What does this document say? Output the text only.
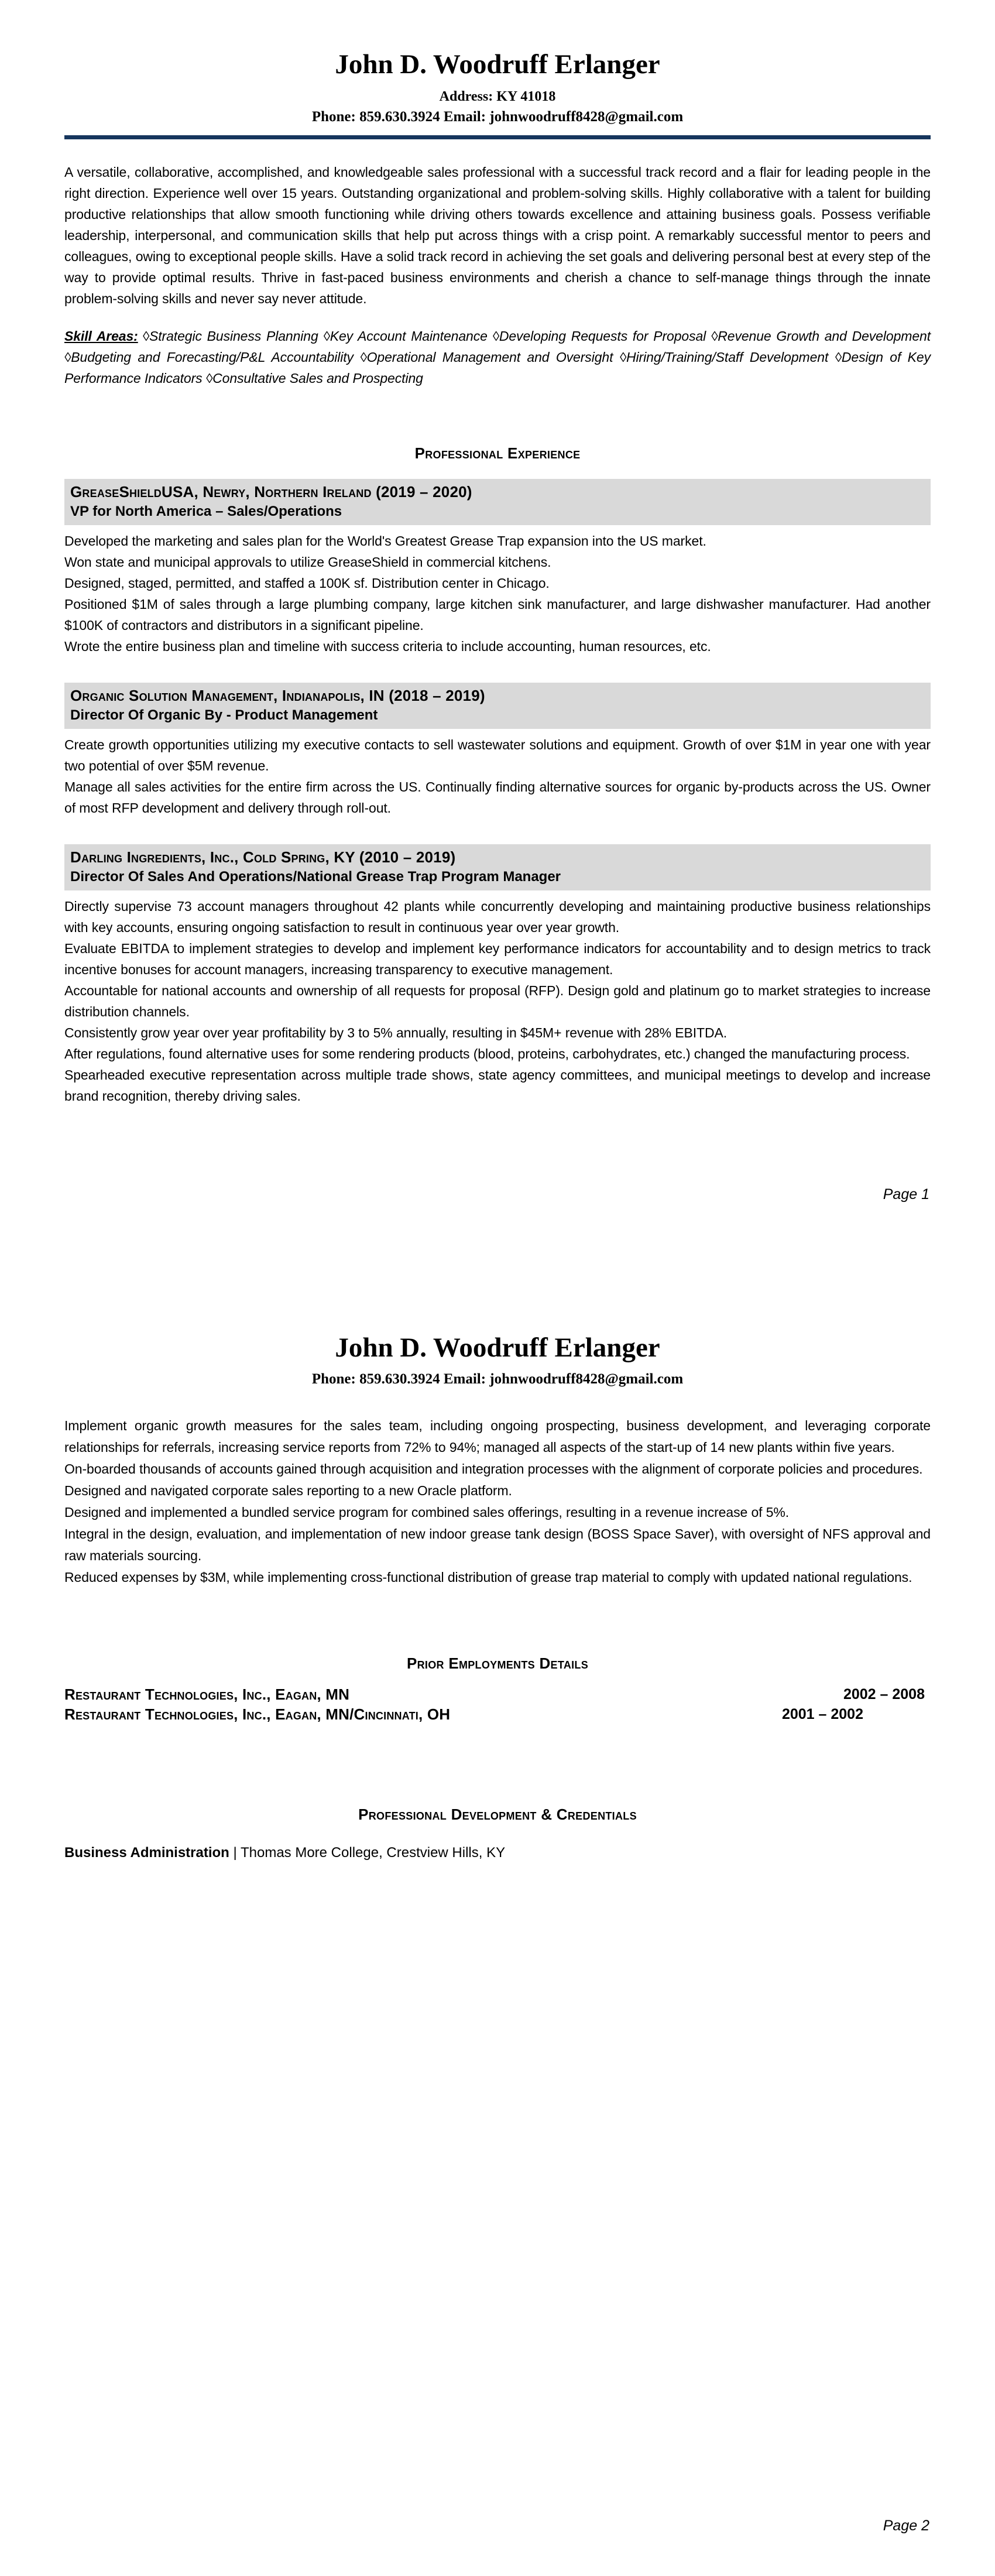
John D. Woodruff Erlanger
Address: KY 41018
Phone: 859.630.3924 Email: johnwoodruff8428@gmail.com

A versatile, collaborative, accomplished, and knowledgeable sales professional with a successful track record and a flair for leading people in the right direction. Experience well over 15 years. Outstanding organizational and problem-solving skills. Highly collaborative with a talent for building productive relationships that allow smooth functioning while driving others towards excellence and attaining business goals. Possess verifiable leadership, interpersonal, and communication skills that help put across things with a crisp point. A remarkably successful mentor to peers and colleagues, owing to exceptional people skills. Have a solid track record in achieving the set goals and delivering personal best at every step of the way to provide optimal results. Thrive in fast-paced business environments and cherish a chance to self-manage things through the innate problem-solving skills and never say never attitude.

Skill Areas: ◊Strategic Business Planning ◊Key Account Maintenance ◊Developing Requests for Proposal ◊Revenue Growth and Development ◊Budgeting and Forecasting/P&L Accountability ◊Operational Management and Oversight ◊Hiring/Training/Staff Development ◊Design of Key Performance Indicators ◊Consultative Sales and Prospecting

Professional Experience
GreaseShieldUSA, Newry, Northern Ireland (2019 – 2020)
VP for North America – Sales/Operations

Developed the marketing and sales plan for the World's Greatest Grease Trap expansion into the US market.

Won state and municipal approvals to utilize GreaseShield in commercial kitchens.

Designed, staged, permitted, and staffed a 100K sf. Distribution center in Chicago.

Positioned $1M of sales through a large plumbing company, large kitchen sink manufacturer, and large dishwasher manufacturer. Had another $100K of contractors and distributors in a significant pipeline.

Wrote the entire business plan and timeline with success criteria to include accounting, human resources, etc.

Organic Solution Management, Indianapolis, IN (2018 – 2019)
Director Of Organic By - Product Management

Create growth opportunities utilizing my executive contacts to sell wastewater solutions and equipment. Growth of over $1M in year one with year two potential of over $5M revenue.

Manage all sales activities for the entire firm across the US. Continually finding alternative sources for organic by-products across the US. Owner of most RFP development and delivery through roll-out.

Darling Ingredients, Inc., Cold Spring, KY (2010 – 2019)
Director Of Sales And Operations/National Grease Trap Program Manager

Directly supervise 73 account managers throughout 42 plants while concurrently developing and maintaining productive business relationships with key accounts, ensuring ongoing satisfaction to result in continuous year over year growth.

Evaluate EBITDA to implement strategies to develop and implement key performance indicators for accountability and to design metrics to track incentive bonuses for account managers, increasing transparency to executive management.

Accountable for national accounts and ownership of all requests for proposal (RFP). Design gold and platinum go to market strategies to increase distribution channels.

Consistently grow year over year profitability by 3 to 5% annually, resulting in $45M+ revenue with 28% EBITDA.

After regulations, found alternative uses for some rendering products (blood, proteins, carbohydrates, etc.) changed the manufacturing process.

Spearheaded executive representation across multiple trade shows, state agency committees, and municipal meetings to develop and increase brand recognition, thereby driving sales.

Page 1
John D. Woodruff Erlanger
Phone: 859.630.3924 Email: johnwoodruff8428@gmail.com

Implement organic growth measures for the sales team, including ongoing prospecting, business development, and leveraging corporate relationships for referrals, increasing service reports from 72% to 94%; managed all aspects of the start-up of 14 new plants within five years.

On-boarded thousands of accounts gained through acquisition and integration processes with the alignment of corporate policies and procedures.

Designed and navigated corporate sales reporting to a new Oracle platform.

Designed and implemented a bundled service program for combined sales offerings, resulting in a revenue increase of 5%.

Integral in the design, evaluation, and implementation of new indoor grease tank design (BOSS Space Saver), with oversight of NFS approval and raw materials sourcing.

Reduced expenses by $3M, while implementing cross-functional distribution of grease trap material to comply with updated national regulations.

Prior Employments Details
Restaurant Technologies, Inc., Eagan, MN	2002 – 2008
Restaurant Technologies, Inc., Eagan, MN/Cincinnati, OH	2001 – 2002
Professional Development & Credentials
Business Administration | Thomas More College, Crestview Hills, KY
Page 2
